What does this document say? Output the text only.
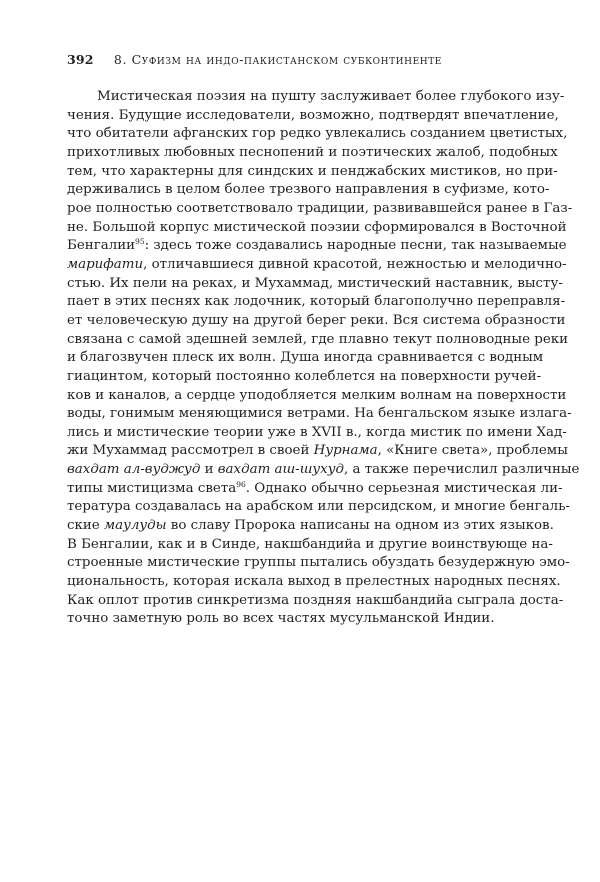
392 8. Суфизм на индо-пакистанском субконтиненте
Мистическая поэзия на пушту заслуживает более глубокого изу-
чения. Будущие исследователи, возможно, подтвердят впечатление,
что обитатели афганских гор редко увлекались созданием цветистых,
прихотливых любовных песнопений и поэтических жалоб, подобных
тем, что характерны для синдских и пенджабских мистиков, но при-
держивались в целом более трезвого направления в суфизме, кото-
рое полностью соответствовало традиции, развивавшейся ранее в Газ-
не. Большой корпус мистической поэзии сформировался в Восточной
Бенгалии$^{95}$: здесь тоже создавались народные песни, так называемые
марифати, отличавшиеся дивной красотой, нежностью и мелодично-
стью. Их пели на реках, и Мухаммад, мистический наставник, высту-
пает в этих песнях как лодочник, который благополучно переправля-
ет человеческую душу на другой берег реки. Вся система образности
связана с самой здешней землей, где плавно текут полноводные реки
и благозвучен плеск их волн. Душа иногда сравнивается с водным
гиацинтом, который постоянно колеблется на поверхности ручей-
ков и каналов, а сердце уподобляется мелким волнам на поверхности
воды, гонимым меняющимися ветрами. На бенгальском языке излага-
лись и мистические теории уже в XVII в., когда мистик по имени Хад-
жи Мухаммад рассмотрел в своей Нурнама, «Книге света», проблемы
вахдат ал-вуджуд и вахдат аш-шухуд, а также перечислил различные
типы мистицизма света$^{96}$. Однако обычно серьезная мистическая ли-
тература создавалась на арабском или персидском, и многие бенгаль-
ские маулуды во славу Пророка написаны на одном из этих языков.
В Бенгалии, как и в Синде, накшбандийа и другие воинствующе на-
строенные мистические группы пытались обуздать безудержную эмо-
циональность, которая искала выход в прелестных народных песнях.
Как оплот против синкретизма поздняя накшбандийа сыграла доста-
точно заметную роль во всех частях мусульманской Индии.
